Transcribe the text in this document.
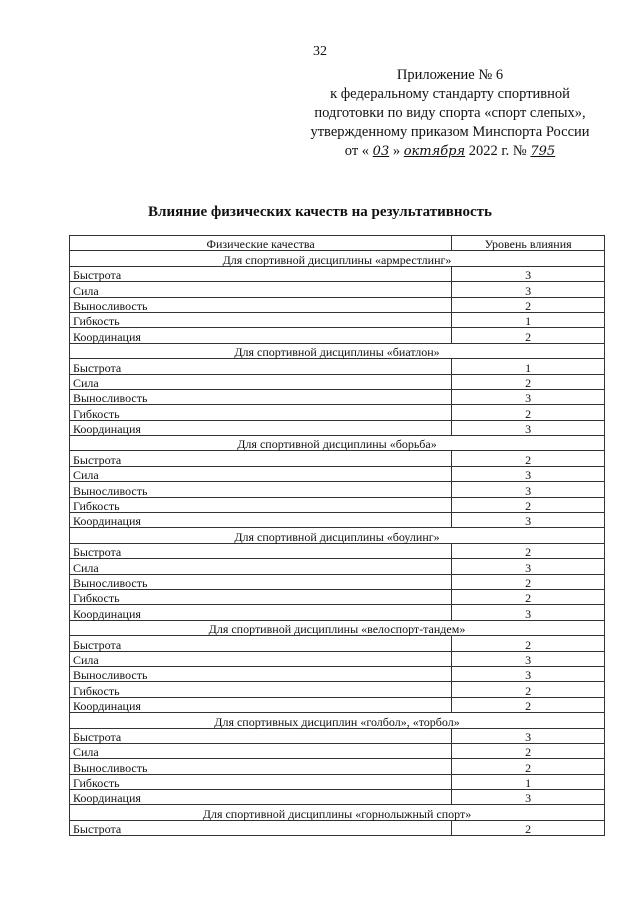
32
Приложение № 6
к федеральному стандарту спортивной
подготовки по виду спорта «спорт слепых»,
утвержденному приказом Минспорта России
от « 03 » октября 2022 г. № 795
Влияние физических качеств на результативность
Физические качества	Уровень влияния
Для спортивной дисциплины «армрестлинг»	
Быстрота	3
Сила	3
Выносливость	2
Гибкость	1
Координация	2
Для спортивной дисциплины «биатлон»	
Быстрота	1
Сила	2
Выносливость	3
Гибкость	2
Координация	3
Для спортивной дисциплины «борьба»	
Быстрота	2
Сила	3
Выносливость	3
Гибкость	2
Координация	3
Для спортивной дисциплины «боулинг»	
Быстрота	2
Сила	3
Выносливость	2
Гибкость	2
Координация	3
Для спортивной дисциплины «велоспорт-тандем»	
Быстрота	2
Сила	3
Выносливость	3
Гибкость	2
Координация	2
Для спортивных дисциплин «голбол», «торбол»	
Быстрота	3
Сила	2
Выносливость	2
Гибкость	1
Координация	3
Для спортивной дисциплины «горнолыжный спорт»	
Быстрота	2
